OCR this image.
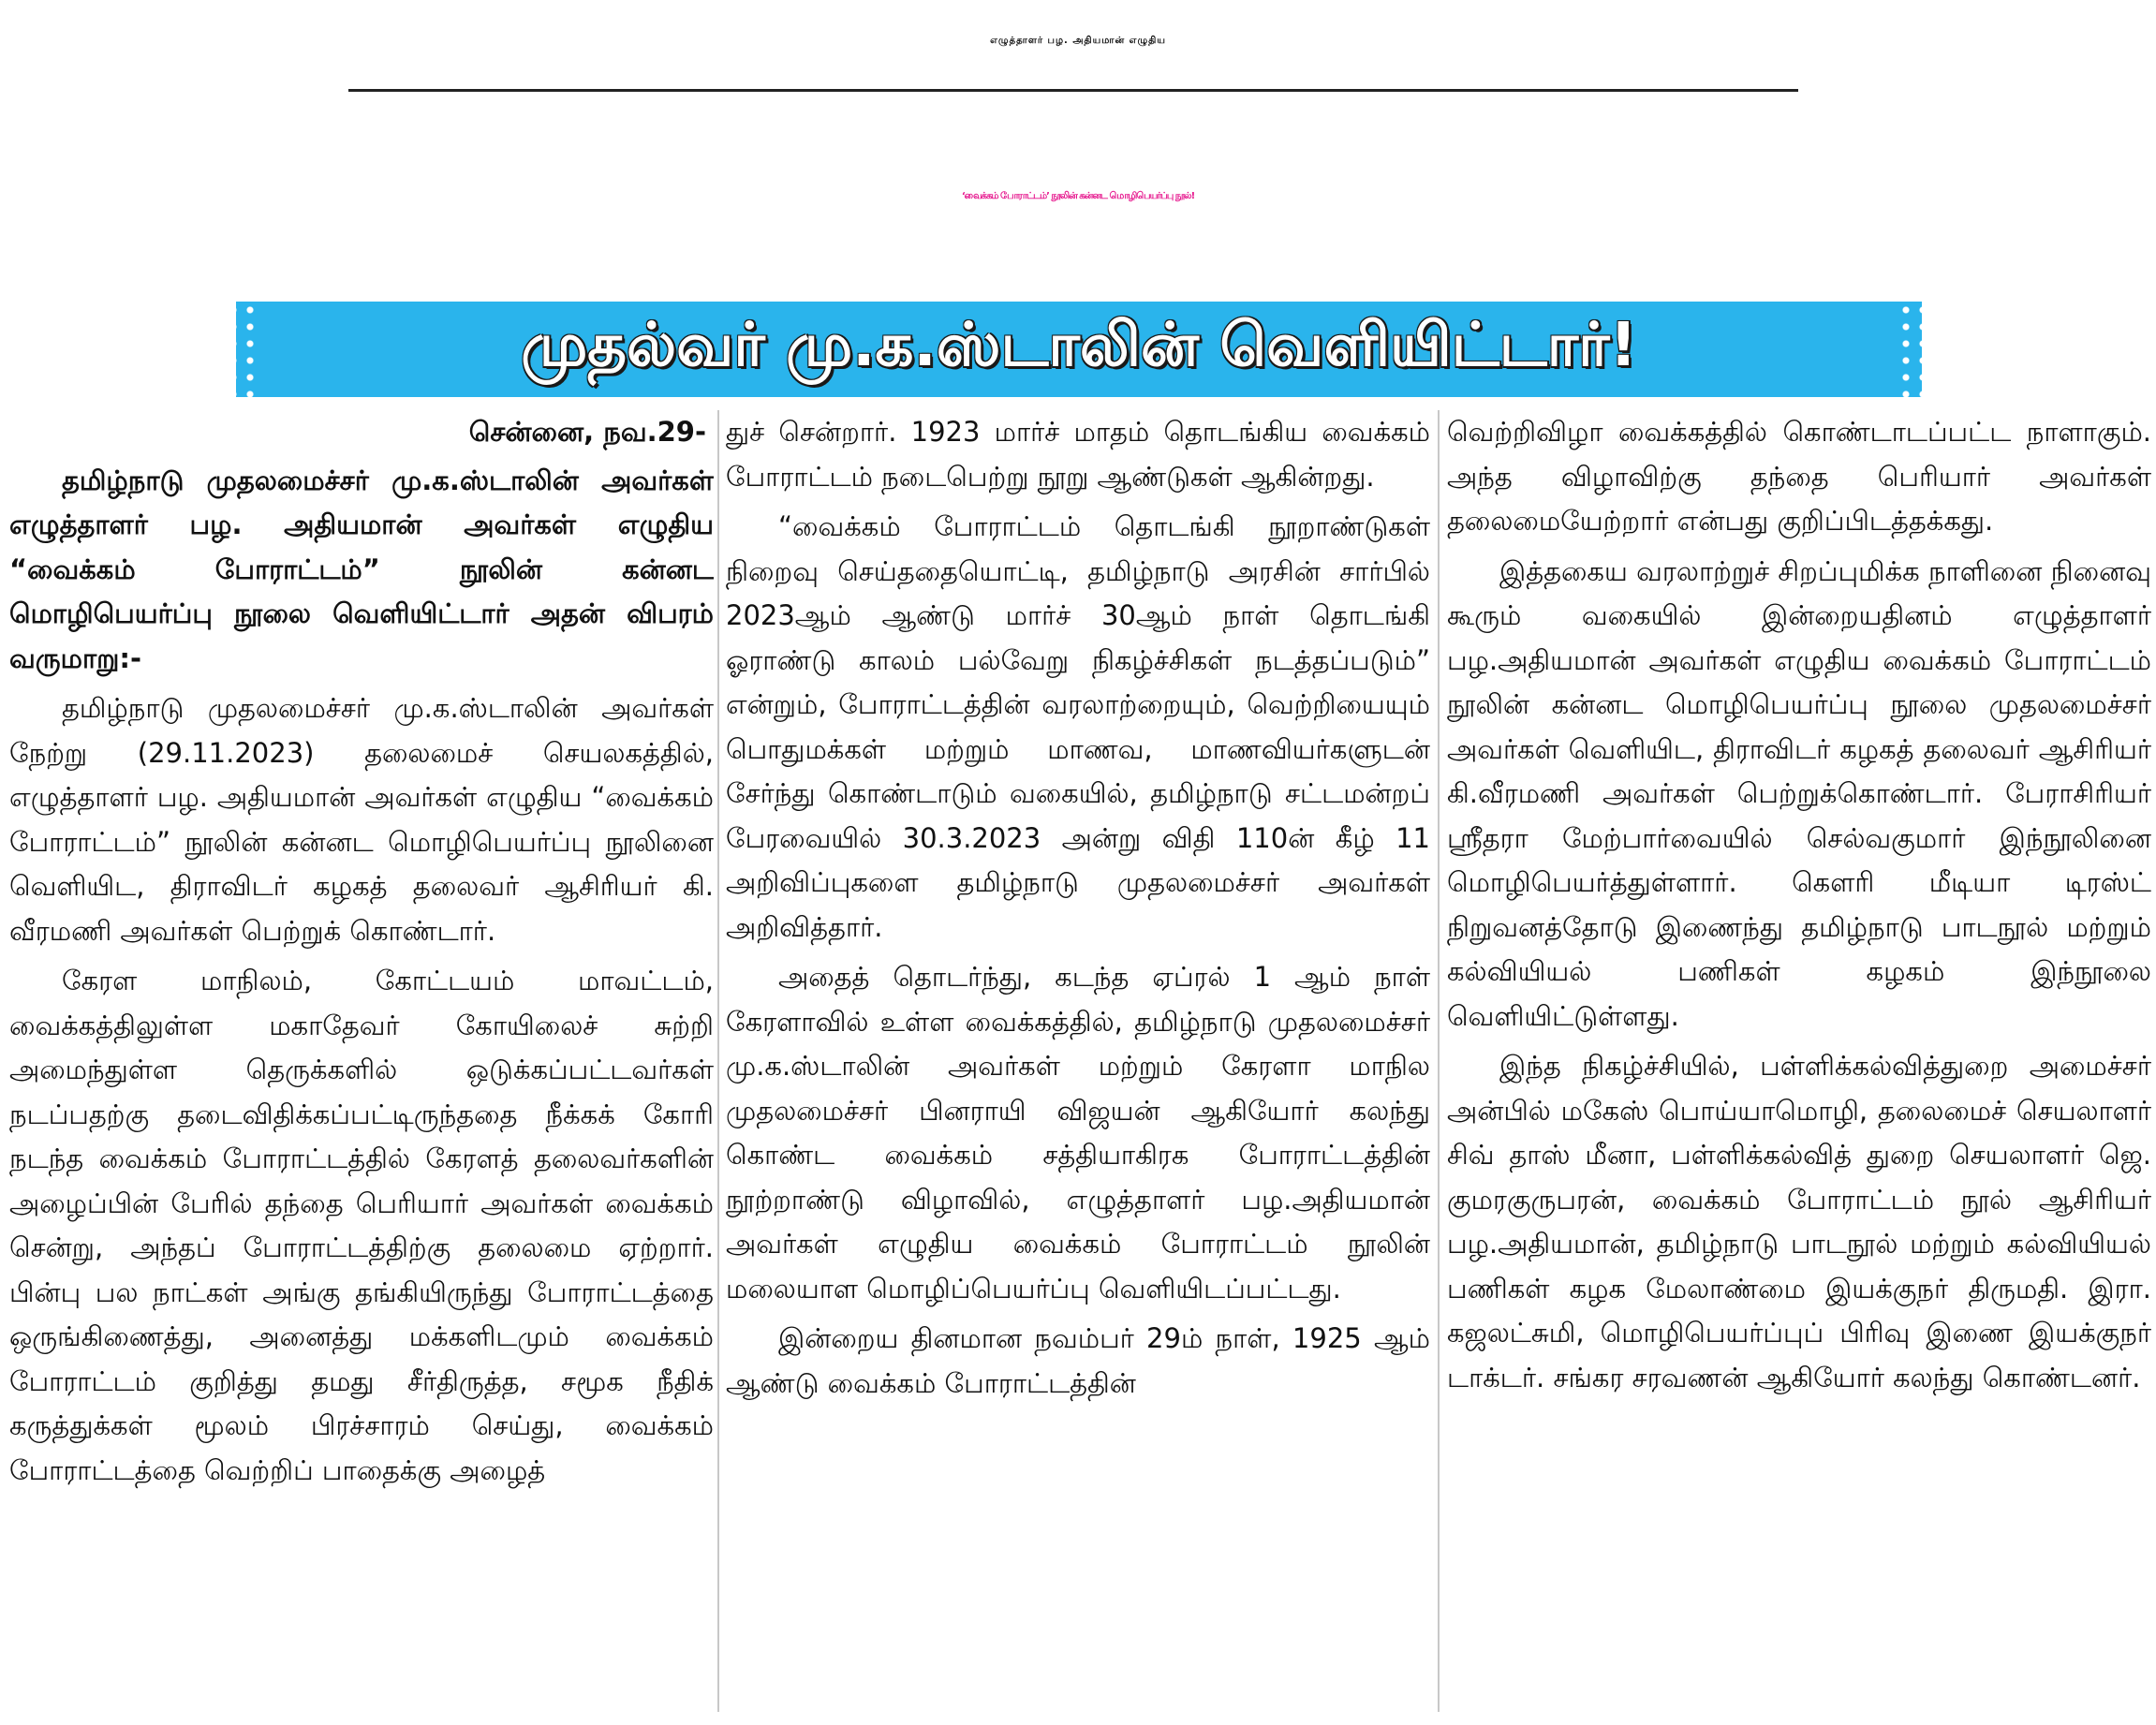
எழுத்தாளர் பழ. அதியமான் எழுதிய
‘வைக்கம் போராட்டம்’ நூலின் கன்னட மொழிபெயர்ப்பு நூல்!
முதல்வர் மு.க.ஸ்டாலின் வெளியிட்டார்!

சென்னை, நவ.29-

தமிழ்நாடு முதலமைச்சர் மு.க.ஸ்டாலின் அவர்கள் எழுத்தாளர் பழ. அதியமான் அவர்கள் எழுதிய “வைக்கம் போராட்டம்” நூலின் கன்னட மொழிபெயர்ப்பு நூலை வெளியிட்டார் அதன் விபரம் வருமாறு:-

தமிழ்நாடு முதலமைச்சர் மு.க.ஸ்டாலின் அவர்கள் நேற்று (29.11.2023) தலைமைச் செயலகத்தில், எழுத்தாளர் பழ. அதியமான் அவர்கள் எழுதிய “வைக்கம் போராட்டம்” நூலின் கன்னட மொழிபெயர்ப்பு நூலினை வெளியிட, திராவிடர் கழகத் தலைவர் ஆசிரியர் கி. வீரமணி அவர்கள் பெற்றுக் கொண்டார்.

கேரள மாநிலம், கோட்டயம் மாவட்டம், வைக்கத்திலுள்ள மகாதேவர் கோயிலைச் சுற்றி அமைந்துள்ள தெருக்களில் ஒடுக்கப்பட்டவர்கள் நடப்பதற்கு தடைவிதிக்கப்பட்டிருந்ததை நீக்கக் கோரி நடந்த வைக்கம் போராட்டத்தில் கேரளத் தலைவர்களின் அழைப்பின் பேரில் தந்தை பெரியார் அவர்கள் வைக்கம் சென்று, அந்தப் போராட்டத்திற்கு தலைமை ஏற்றார். பின்பு பல நாட்கள் அங்கு தங்கியிருந்து போராட்டத்தை ஒருங்கிணைத்து, அனைத்து மக்களிடமும் வைக்கம் போராட்டம் குறித்து தமது சீர்திருத்த, சமூக நீதிக் கருத்துக்கள் மூலம் பிரச்சாரம் செய்து, வைக்கம் போராட்டத்தை வெற்றிப் பாதைக்கு அழைத்

துச் சென்றார். 1923 மார்ச் மாதம் தொடங்கிய வைக்கம் போராட்டம் நடைபெற்று நூறு ஆண்டுகள் ஆகின்றது.

“வைக்கம் போராட்டம் தொடங்கி நூறாண்டுகள் நிறைவு செய்ததையொட்டி, தமிழ்நாடு அரசின் சார்பில் 2023ஆம் ஆண்டு மார்ச் 30ஆம் நாள் தொடங்கி ஓராண்டு காலம் பல்வேறு நிகழ்ச்சிகள் நடத்தப்படும்” என்றும், போராட்டத்தின் வரலாற்றையும், வெற்றியையும் பொதுமக்கள் மற்றும் மாணவ, மாணவியர்களுடன் சேர்ந்து கொண்டாடும் வகையில், தமிழ்நாடு சட்டமன்றப் பேரவையில் 30.3.2023 அன்று விதி 110ன் கீழ் 11 அறிவிப்புகளை தமிழ்நாடு முதலமைச்சர் அவர்கள் அறிவித்தார்.

அதைத் தொடர்ந்து, கடந்த ஏப்ரல் 1 ஆம் நாள் கேரளாவில் உள்ள வைக்கத்தில், தமிழ்நாடு முதலமைச்சர் மு.க.ஸ்டாலின் அவர்கள் மற்றும் கேரளா மாநில முதலமைச்சர் பினராயி விஜயன் ஆகியோர் கலந்து கொண்ட வைக்கம் சத்தியாகிரக போராட்டத்தின் நூற்றாண்டு விழாவில், எழுத்தாளர் பழ.அதியமான் அவர்கள் எழுதிய வைக்கம் போராட்டம் நூலின் மலையாள மொழிப்பெயர்ப்பு வெளியிடப்பட்டது.

இன்றைய தினமான நவம்பர் 29ம் நாள், 1925 ஆம் ஆண்டு வைக்கம் போராட்டத்தின்

வெற்றிவிழா வைக்கத்தில் கொண்டாடப்பட்ட நாளாகும். அந்த விழாவிற்கு தந்தை பெரியார் அவர்கள் தலைமையேற்றார் என்பது குறிப்பிடத்தக்கது.

இத்தகைய வரலாற்றுச் சிறப்புமிக்க நாளினை நினைவு கூரும் வகையில் இன்றையதினம் எழுத்தாளர் பழ.அதியமான் அவர்கள் எழுதிய வைக்கம் போராட்டம் நூலின் கன்னட மொழிபெயர்ப்பு நூலை முதலமைச்சர் அவர்கள் வெளியிட, திராவிடர் கழகத் தலைவர் ஆசிரியர் கி.வீரமணி அவர்கள் பெற்றுக்கொண்டார். பேராசிரியர் ஸ்ரீதரா மேற்பார்வையில் செல்வகுமார் இந்நூலினை மொழிபெயர்த்துள்ளார். கௌரி மீடியா டிரஸ்ட் நிறுவனத்தோடு இணைந்து தமிழ்நாடு பாடநூல் மற்றும் கல்வியியல் பணிகள் கழகம் இந்நூலை வெளியிட்டுள்ளது.

இந்த நிகழ்ச்சியில், பள்ளிக்கல்வித்துறை அமைச்சர் அன்பில் மகேஸ் பொய்யாமொழி, தலைமைச் செயலாளர் சிவ் தாஸ் மீனா, பள்ளிக்கல்வித் துறை செயலாளர் ஜெ. குமரகுருபரன், வைக்கம் போராட்டம் நூல் ஆசிரியர் பழ.அதியமான், தமிழ்நாடு பாடநூல் மற்றும் கல்வியியல் பணிகள் கழக மேலாண்மை இயக்குநர் திருமதி. இரா. கஜலட்சுமி, மொழிபெயர்ப்புப் பிரிவு இணை இயக்குநர் டாக்டர். சங்கர சரவணன் ஆகியோர் கலந்து கொண்டனர்.
